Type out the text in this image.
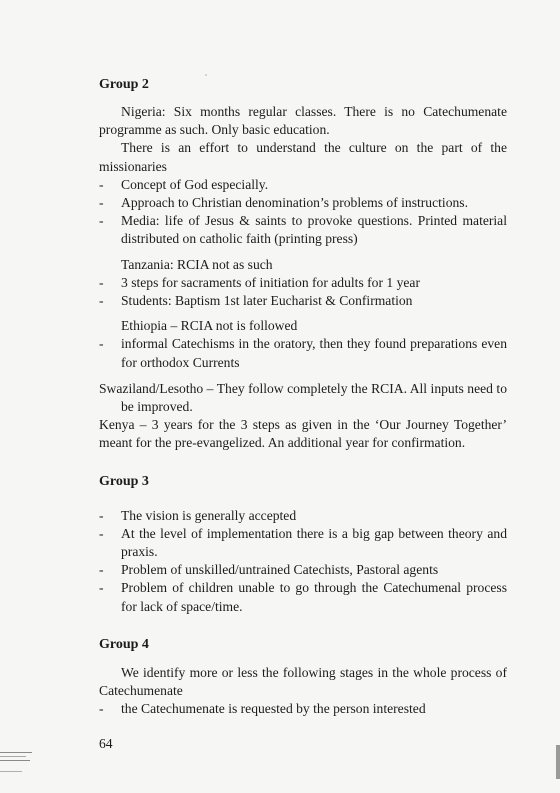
Group 2

Nigeria: Six months regular classes. There is no Catechumenate programme as such. Only basic education.

There is an effort to understand the culture on the part of the missionaries

- Concept of God especially.
- Approach to Christian denomination’s problems of instructions.
- Media: life of Jesus & saints to provoke questions. Printed material distributed on catholic faith (printing press)

Tanzania: RCIA not as such

- 3 steps for sacraments of initiation for adults for 1 year
- Students: Baptism 1st later Eucharist & Confirmation

Ethiopia – RCIA not is followed

- informal Catechisms in the oratory, then they found preparations even for orthodox Currents

Swaziland/Lesotho – They follow completely the RCIA. All inputs need to be improved.

Kenya – 3 years for the 3 steps as given in the ‘Our Journey Together’ meant for the pre-evangelized. An additional year for confirmation.

Group 3
- The vision is generally accepted
- At the level of implementation there is a big gap between theory and praxis.
- Problem of unskilled/untrained Catechists, Pastoral agents
- Problem of children unable to go through the Catechumenal process for lack of space/time.
Group 4

We identify more or less the following stages in the whole process of Catechumenate

- the Catechumenate is requested by the person interested
64
